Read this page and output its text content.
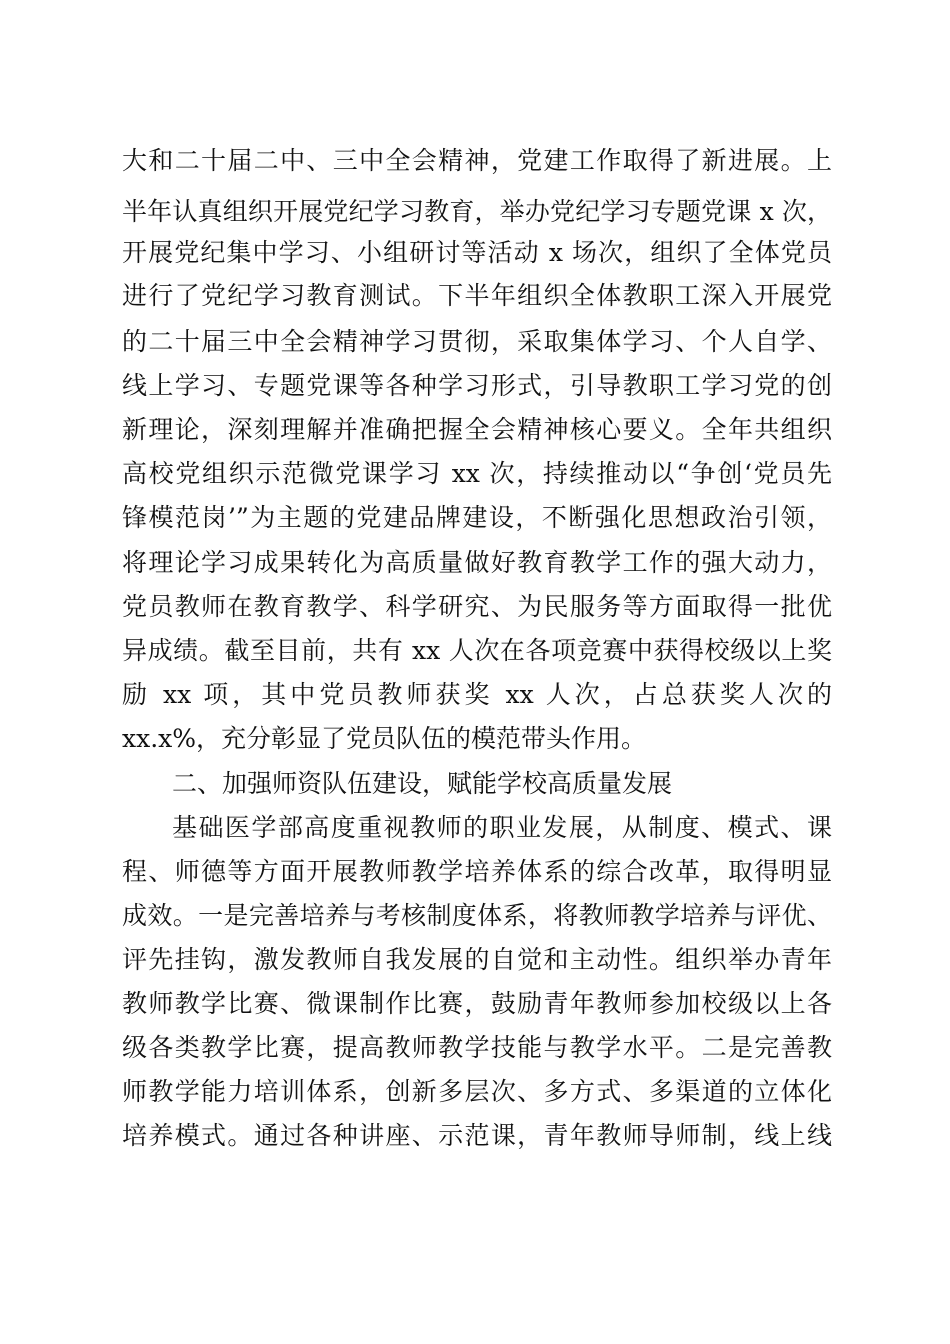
大和二十届二中、三中全会精神，党建工作取得了新进展。上
半年认真组织开展党纪学习教育，举办党纪学习专题党课 x 次，
开展党纪集中学习、小组研讨等活动 x 场次，组织了全体党员
进行了党纪学习教育测试。下半年组织全体教职工深入开展党
的二十届三中全会精神学习贯彻，采取集体学习、个人自学、
线上学习、专题党课等各种学习形式，引导教职工学习党的创
新理论，深刻理解并准确把握全会精神核心要义。全年共组织
高校党组织示范微党课学习 xx 次，持续推动以“争创‘党员先
锋模范岗’”为主题的党建品牌建设，不断强化思想政治引领，
将理论学习成果转化为高质量做好教育教学工作的强大动力，
党员教师在教育教学、科学研究、为民服务等方面取得一批优
异成绩。截至目前，共有 xx 人次在各项竞赛中获得校级以上奖
励 xx 项，其中党员教师获奖 xx 人次，占总获奖人次的
xx.x%，充分彰显了党员队伍的模范带头作用。
二、加强师资队伍建设，赋能学校高质量发展
基础医学部高度重视教师的职业发展，从制度、模式、课
程、师德等方面开展教师教学培养体系的综合改革，取得明显
成效。一是完善培养与考核制度体系，将教师教学培养与评优、
评先挂钩，激发教师自我发展的自觉和主动性。组织举办青年
教师教学比赛、微课制作比赛，鼓励青年教师参加校级以上各
级各类教学比赛，提高教师教学技能与教学水平。二是完善教
师教学能力培训体系，创新多层次、多方式、多渠道的立体化
培养模式。通过各种讲座、示范课，青年教师导师制，线上线
